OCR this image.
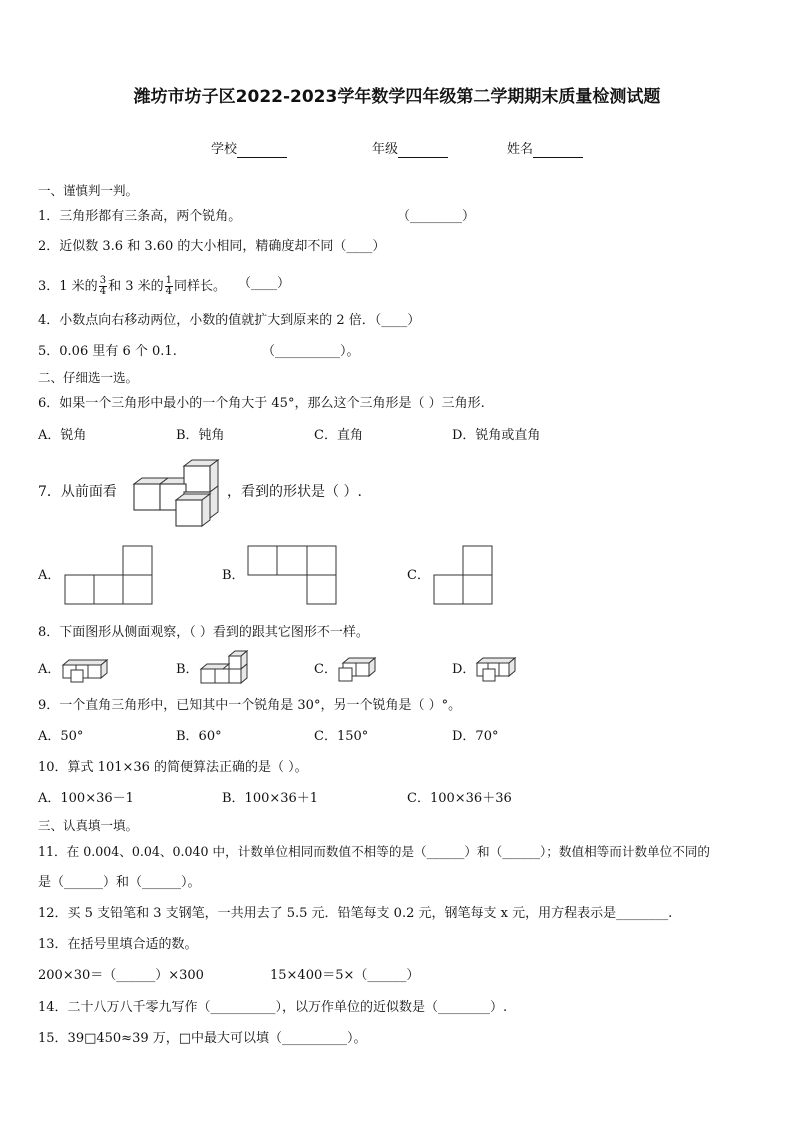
潍坊市坊子区2022-2023学年数学四年级第二学期期末质量检测试题
学校	年级	姓名
一、谨慎判一判。
1．三角形都有三条高，两个锐角。	（________）
2．近似数 3.6 和 3.60 的大小相同，精确度却不同（____）
3．1 米的 $\frac{3}{4}$ 和 3 米的 $\frac{1}{4}$ 同样长。 （____）
4．小数点向右移动两位，小数的值就扩大到原来的 2 倍．（____）
5．0.06 里有 6 个 0.1.	（__________）。
二、仔细选一选。
6．如果一个三角形中最小的一个角大于 45°，那么这个三角形是（ ）三角形.
A．锐角	B．钝角	C．直角	D．锐角或直角
7．从前面看	，看到的形状是（ ）.
A．	B．	C．
8．下面图形从侧面观察，（ ）看到的跟其它图形不一样。
A．	B．	C．	D．
9．一个直角三角形中，已知其中一个锐角是 30°，另一个锐角是（ ）°。
A．50°	B．60°	C．150°	D．70°
10．算式 101×36 的简便算法正确的是（ ）。
A．100×36－1	B．100×36＋1	C．100×36＋36
三、认真填一填。
11．在 0.004、0.04、0.040 中，计数单位相同而数值不相等的是（______）和（______）；数值相等而计数单位不同的
是（______）和（______）。
12．买 5 支铅笔和 3 支钢笔，一共用去了 5.5 元．铅笔每支 0.2 元，钢笔每支 x 元，用方程表示是________.
13．在括号里填合适的数。
200×30＝（______）×300	15×400＝5×（______）
14．二十八万八千零九写作（__________），以万作单位的近似数是（________）.
15．39□450≈39 万，□中最大可以填（__________）。
